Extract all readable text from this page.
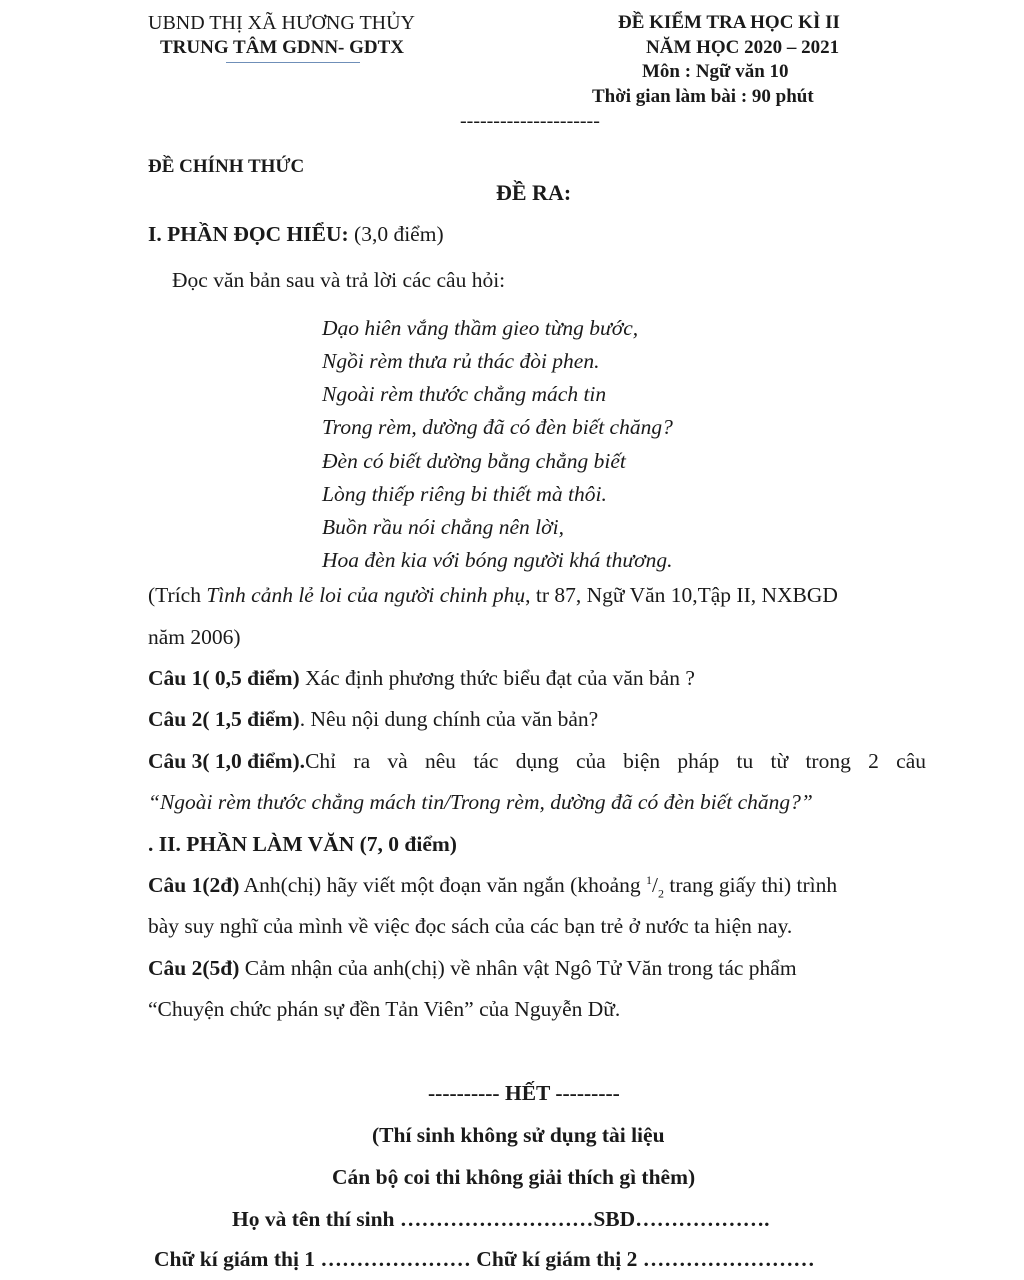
UBND THỊ XÃ HƯƠNG THỦY
TRUNG TÂM GDNN- GDTX
ĐỀ KIỂM TRA HỌC KÌ II
NĂM HỌC 2020 – 2021
Môn : Ngữ văn 10
Thời gian làm bài : 90 phút
---------------------
ĐỀ CHÍNH THỨC
ĐỀ RA:
I. PHẦN ĐỌC HIỂU: (3,0 điểm)
Đọc văn bản sau và trả lời các câu hỏi:
Dạo hiên vắng thầm gieo từng bước,
Ngồi rèm thưa rủ thác đòi phen.
Ngoài rèm thước chẳng mách tin
Trong rèm, dường đã có đèn biết chăng?
Đèn có biết dường bằng chẳng biết
Lòng thiếp riêng bi thiết mà thôi.
Buồn rầu nói chẳng nên lời,
Hoa đèn kia với bóng người khá thương.
(Trích Tình cảnh lẻ loi của người chinh phụ, tr 87, Ngữ Văn 10,Tập II, NXBGD
năm 2006)
Câu 1( 0,5 điểm) Xác định phương thức biểu đạt của văn bản ?
Câu 2( 1,5 điểm). Nêu nội dung chính của văn bản?
Câu 3( 1,0 điểm). Chỉ ra và nêu tác dụng của biện pháp tu từ trong 2 câu
“Ngoài rèm thước chẳng mách tin/Trong rèm, dường đã có đèn biết chăng?”
. II. PHẦN LÀM VĂN (7, 0 điểm)
Câu 1(2đ) Anh(chị) hãy viết một đoạn văn ngắn (khoảng $^1/_2$ trang giấy thi) trình
bày suy nghĩ của mình về việc đọc sách của các bạn trẻ ở nước ta hiện nay.
Câu 2(5đ) Cảm nhận của anh(chị) về nhân vật Ngô Tử Văn trong tác phẩm
“Chuyện chức phán sự đền Tản Viên” của Nguyễn Dữ.
---------- HẾT ---------
(Thí sinh không sử dụng tài liệu
Cán bộ coi thi không giải thích gì thêm)
Họ và tên thí sinh ………………………SBD……………….
Chữ kí giám thị 1 ………………… Chữ kí giám thị 2 ……………………
